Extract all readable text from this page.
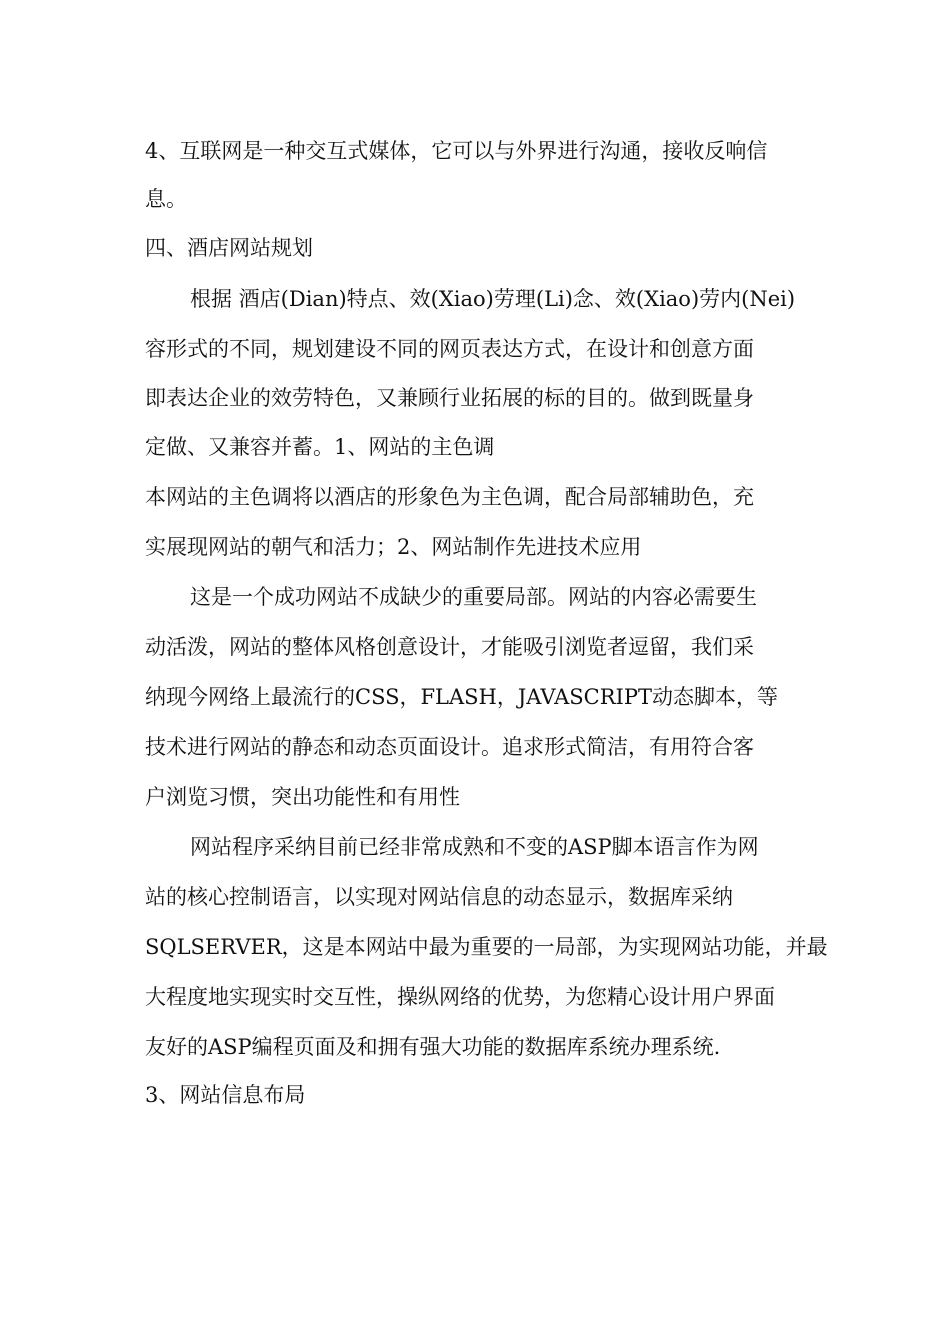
4、互联网是一种交互式媒体，它可以与外界进行沟通，接收反响信
息。
四、酒店网站规划
根据 酒店(Dian)特点、效(Xiao)劳理(Li)念、效(Xiao)劳内(Nei)
容形式的不同，规划建设不同的网页表达方式，在设计和创意方面
即表达企业的效劳特色，又兼顾行业拓展的标的目的。做到既量身
定做、又兼容并蓄。1、网站的主色调
本网站的主色调将以酒店的形象色为主色调，配合局部辅助色，充
实展现网站的朝气和活力；2、网站制作先进技术应用
这是一个成功网站不成缺少的重要局部。网站的内容必需要生
动活泼，网站的整体风格创意设计，才能吸引浏览者逗留，我们采
纳现今网络上最流行的CSS，FLASH，JAVASCRIPT动态脚本，等
技术进行网站的静态和动态页面设计。追求形式简洁，有用符合客
户浏览习惯，突出功能性和有用性
网站程序采纳目前已经非常成熟和不变的ASP脚本语言作为网
站的核心控制语言，以实现对网站信息的动态显示，数据库采纳
SQLSERVER，这是本网站中最为重要的一局部，为实现网站功能，并最
大程度地实现实时交互性，操纵网络的优势，为您精心设计用户界面
友好的ASP编程页面及和拥有强大功能的数据库系统办理系统.
3、网站信息布局
